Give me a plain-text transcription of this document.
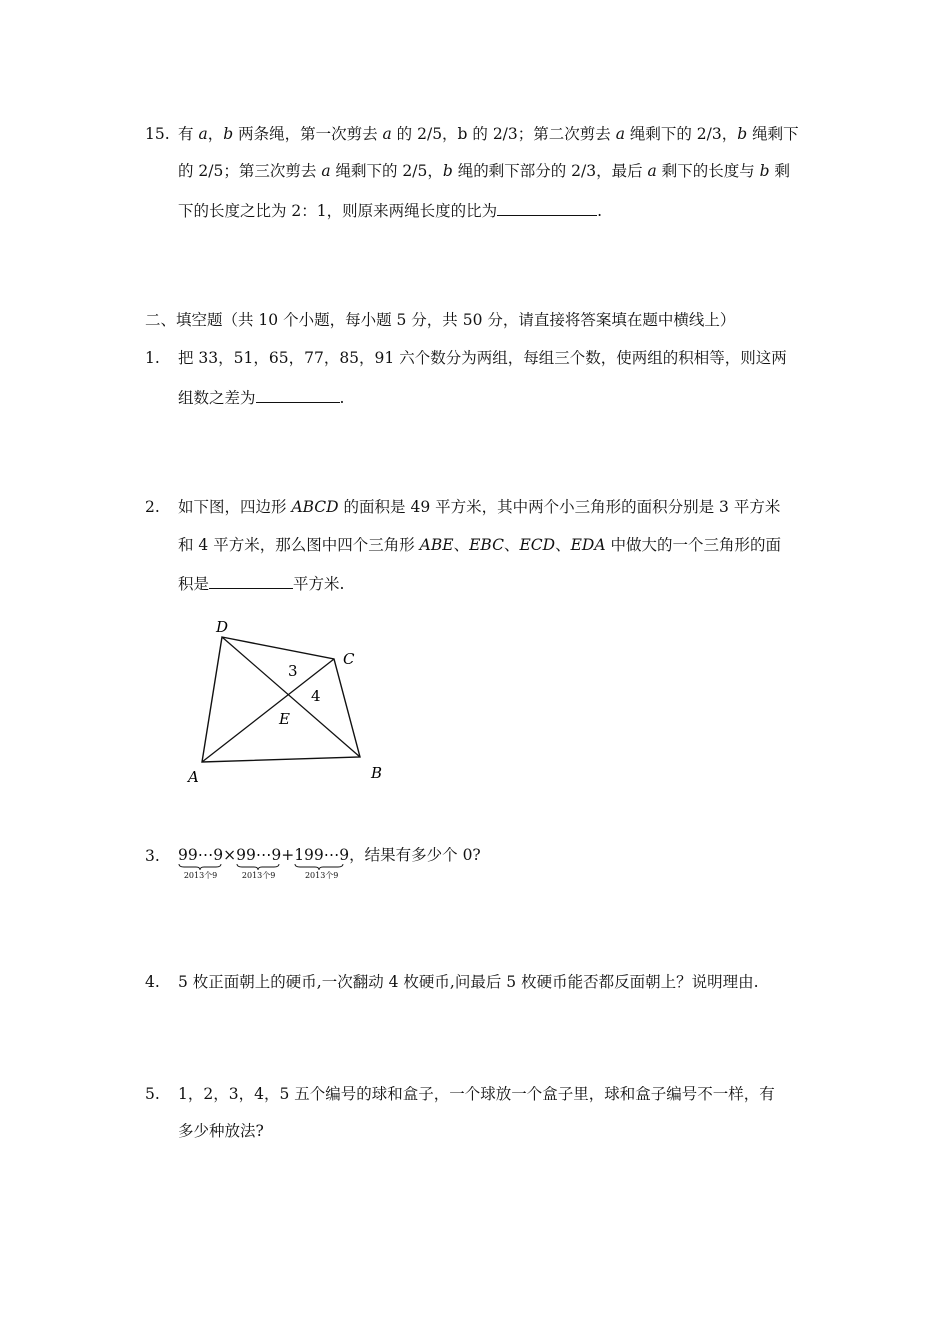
15. 有 a，b 两条绳，第一次剪去 a 的 2/5，b 的 2/3；第二次剪去 a 绳剩下的 2/3，b 绳剩下
的 2/5；第三次剪去 a 绳剩下的 2/5，b 绳的剩下部分的 2/3，最后 a 剩下的长度与 b 剩
下的长度之比为 2：1，则原来两绳长度的比为	.
二、填空题（共 10 个小题，每小题 5 分，共 50 分，请直接将答案填在题中横线上）
1. 把 33，51，65，77，85，91 六个数分为两组，每组三个数，使两组的积相等，则这两
组数之差为	.
2. 如下图，四边形 ABCD 的面积是 49 平方米，其中两个小三角形的面积分别是 3 平方米
和 4 平方米，那么图中四个三角形 ABE、EBC、ECD、EDA 中做大的一个三角形的面
积是	平方米.
D
C
A	B
E
3
4
3. 99⋯9
2013个9
× 99⋯9
2013个9
+ 199⋯9
2013个9
，结果有多少个 0?
4. 5 枚正面朝上的硬币,一次翻动 4 枚硬币,问最后 5 枚硬币能否都反面朝上？说明理由.
5. 1，2，3，4，5 五个编号的球和盒子，一个球放一个盒子里，球和盒子编号不一样，有
多少种放法?
